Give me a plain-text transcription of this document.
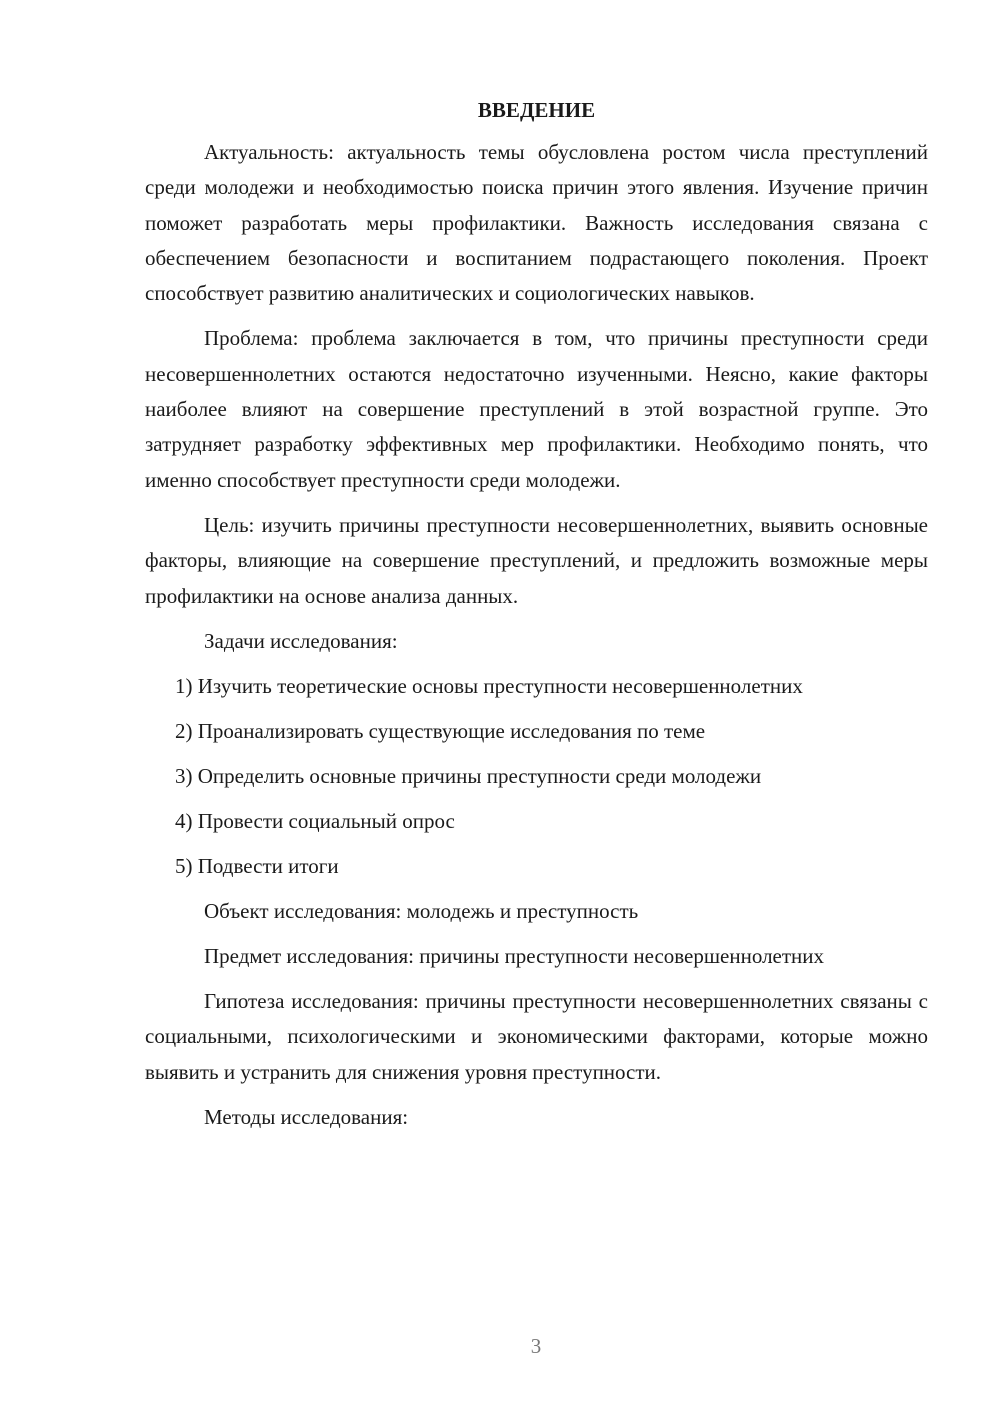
ВВЕДЕНИЕ

Актуальность: актуальность темы обусловлена ростом числа преступлений среди молодежи и необходимостью поиска причин этого явления. Изучение причин поможет разработать меры профилактики. Важность исследования связана с обеспечением безопасности и воспитанием подрастающего поколения. Проект способствует развитию аналитических и социологических навыков.

Проблема: проблема заключается в том, что причины преступности среди несовершеннолетних остаются недостаточно изученными. Неясно, какие факторы наиболее влияют на совершение преступлений в этой возрастной группе. Это затрудняет разработку эффективных мер профилактики. Необходимо понять, что именно способствует преступности среди молодежи.

Цель: изучить причины преступности несовершеннолетних, выявить основные факторы, влияющие на совершение преступлений, и предложить возможные меры профилактики на основе анализа данных.

Задачи исследования:
1) Изучить теоретические основы преступности несовершеннолетних
2) Проанализировать существующие исследования по теме
3) Определить основные причины преступности среди молодежи
4) Провести социальный опрос
5) Подвести итоги
Объект исследования: молодежь и преступность

Предмет исследования: причины преступности несовершеннолетних

Гипотеза исследования: причины преступности несовершеннолетних связаны с социальными, психологическими и экономическими факторами, которые можно выявить и устранить для снижения уровня преступности.

Методы исследования:
3
